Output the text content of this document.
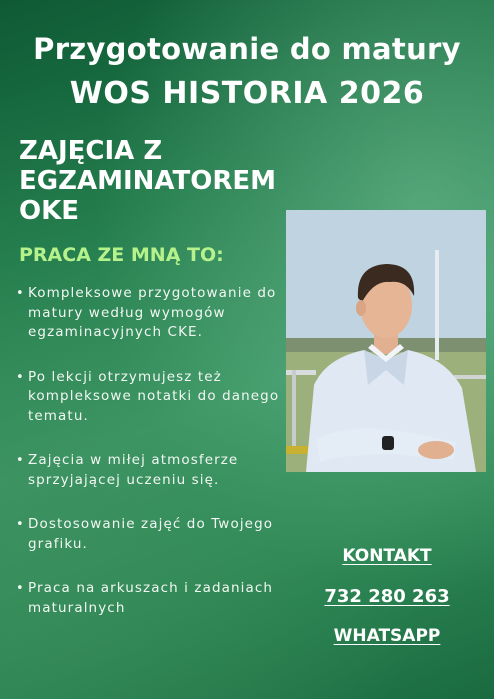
Przygotowanie do matury
WOS HISTORIA 2026
ZAJĘCIA Z
EGZAMINATOREM
OKE
PRACA ZE MNĄ TO:
• Kompleksowe przygotowanie do matury według wymogów egzaminacyjnych CKE.
• Po lekcji otrzymujesz też kompleksowe notatki do danego tematu.
• Zajęcia w miłej atmosferze sprzyjającej uczeniu się.
• Dostosowanie zajęć do Twojego grafiku.
• Praca na arkuszach i zadaniach maturalnych

KONTAKT

732 280 263

WHATSAPP
